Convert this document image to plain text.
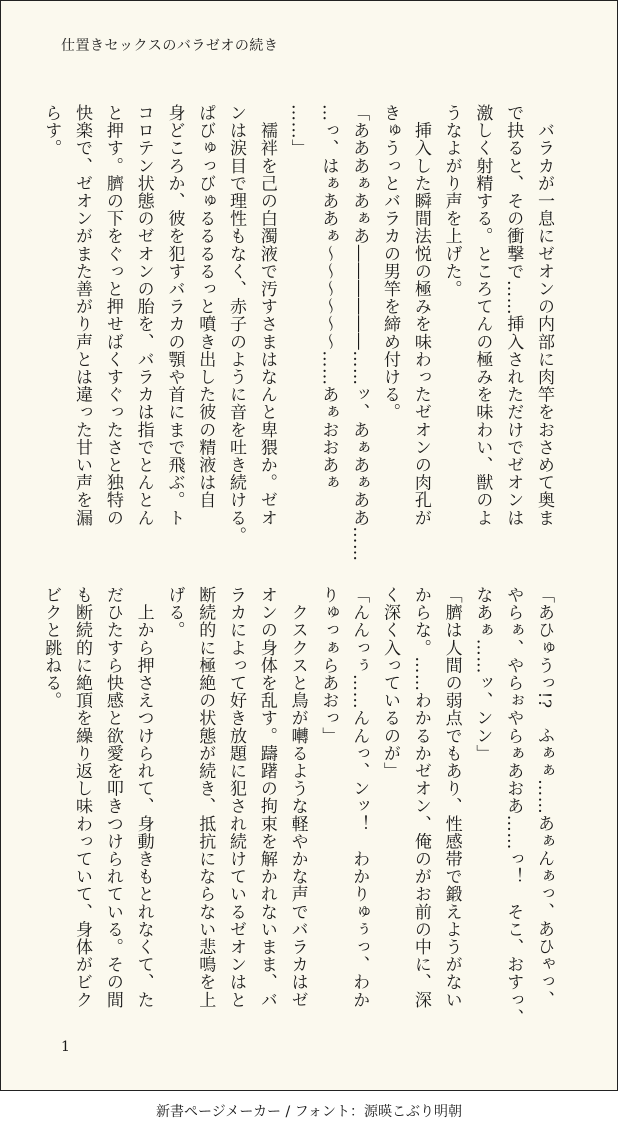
仕置きセックスのバラゼオの続き

　バラカが一息にゼオンの内部に肉竿をおさめて奥ま

で抉ると、その衝撃で……挿入されただけでゼオンは

激しく射精する。ところてんの極みを味わい、獣のよ

うなよがり声を上げた。

　挿入した瞬間法悦の極みを味わったゼオンの肉孔が

きゅうっとバラカの男竿を締め付ける。

「あああぁあぁあ――――――……ッ、あぁあぁああ……

…っ、はぁああぁ～～～～～～……あぁおおあぁ

……」

　襦袢を己の白濁液で汚すさまはなんと卑猥か。ゼオ

ンは涙目で理性もなく、赤子のように音を吐き続ける。

ぱびゅっびゅるるるるっと噴き出した彼の精液は自

身どころか、彼を犯すバラカの顎や首にまで飛ぶ。ト

コロテン状態のゼオンの胎を、バラカは指でとんとん

と押す。臍の下をぐっと押せばくすぐったさと独特の

快楽で、ゼオンがまた善がり声とは違った甘い声を漏

らす。

「あひゅうっ!?　ふぁぁ……あぁんぁっ、あひゃっ、

やらぁ、やらぉやらぁあおあ……っ！　そこ、おすっ、

なあぁ……ッ、ンン」

「臍は人間の弱点でもあり、性感帯で鍛えようがない

からな。……わかるかゼオン、俺のがお前の中に、深

く深く入っているのが」

「んんっぅ……んんっ、ンッ！　わかりゅぅっ、わか

りゅっぁらあおっ」

　クスクスと鳥が囀るような軽やかな声でバラカはゼ

オンの身体を乱す。躊躇の拘束を解かれないまま、バ

ラカによって好き放題に犯され続けているゼオンはと

断続的に極絶の状態が続き、抵抗にならない悲鳴を上

げる。

　上から押さえつけられて、身動きもとれなくて、た

だひたすら快感と欲愛を叩きつけられている。その間

も断続的に絶頂を繰り返し味わっていて、身体がビク

ビクと跳ねる。

1
新書ページメーカー / フォント：源暎こぶり明朝
